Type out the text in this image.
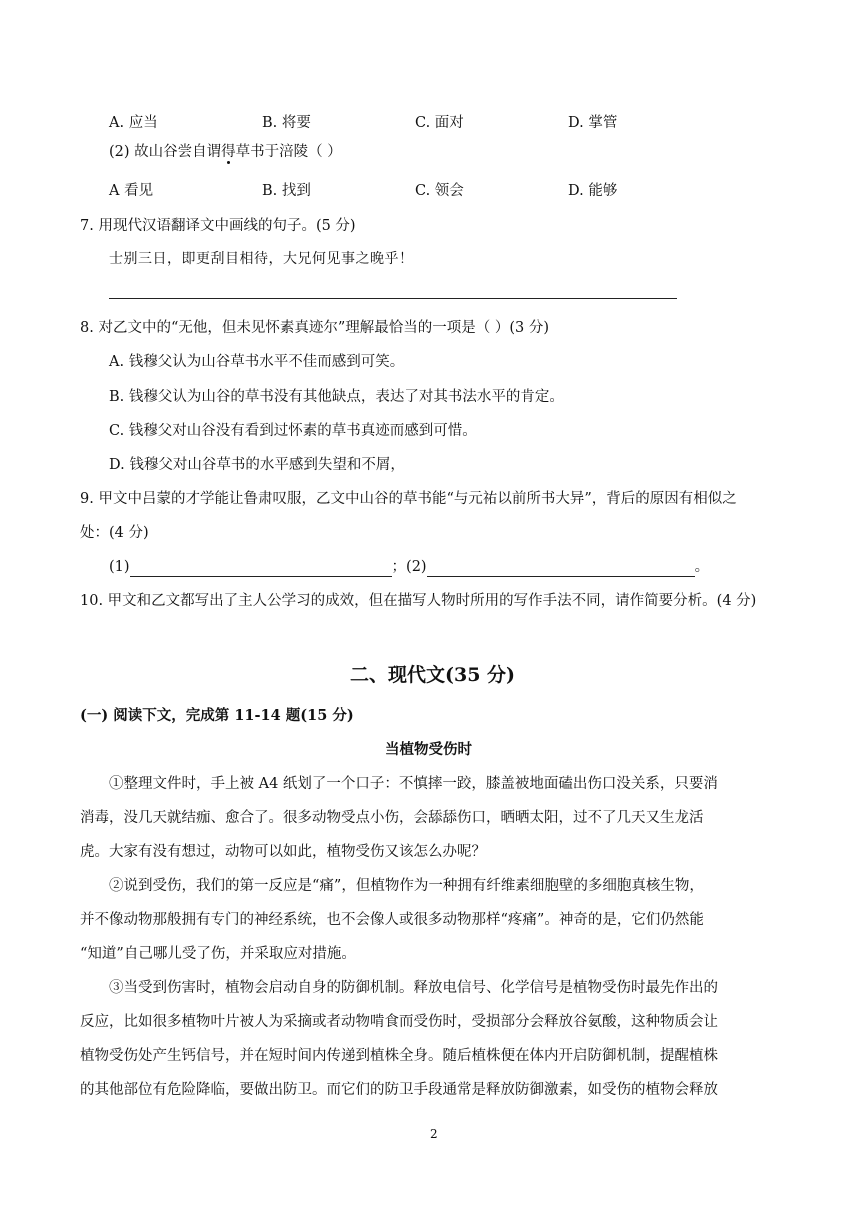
A. 应当	B. 将要	C. 面对	D. 掌管
(2) 故山谷尝自谓得草书于涪陵（ ）
A 看见	B. 找到	C. 领会	D. 能够
7. 用现代汉语翻译文中画线的句子。(5 分)
士别三日，即更刮目相待，大兄何见事之晚乎！
8. 对乙文中的“无他，但未见怀素真迹尔”理解最恰当的一项是（ ）(3 分)
A. 钱穆父认为山谷草书水平不佳而感到可笑。
B. 钱穆父认为山谷的草书没有其他缺点，表达了对其书法水平的肯定。
C. 钱穆父对山谷没有看到过怀素的草书真迹而感到可惜。
D. 钱穆父对山谷草书的水平感到失望和不屑，
9. 甲文中吕蒙的才学能让鲁肃叹服，乙文中山谷的草书能“与元祐以前所书大异”，背后的原因有相似之
处：(4 分)
(1)	；(2)	。
10. 甲文和乙文都写出了主人公学习的成效，但在描写人物时所用的写作手法不同，请作简要分析。(4 分)
二、现代文(35 分)
(一) 阅读下文，完成第 11-14 题(15 分)
当植物受伤时
①整理文件时，手上被 A4 纸划了一个口子：不慎摔一跤，膝盖被地面磕出伤口没关系，只要消
消毒，没几天就结痂、愈合了。很多动物受点小伤，会舔舔伤口，晒晒太阳，过不了几天又生龙活
虎。大家有没有想过，动物可以如此，植物受伤又该怎么办呢？
②说到受伤，我们的第一反应是“痛”，但植物作为一种拥有纤维素细胞壁的多细胞真核生物，
并不像动物那般拥有专门的神经系统，也不会像人或很多动物那样“疼痛”。神奇的是，它们仍然能
“知道”自己哪儿受了伤，并采取应对措施。
③当受到伤害时，植物会启动自身的防御机制。释放电信号、化学信号是植物受伤时最先作出的
反应，比如很多植物叶片被人为采摘或者动物啃食而受伤时，受损部分会释放谷氨酸，这种物质会让
植物受伤处产生钙信号，并在短时间内传递到植株全身。随后植株便在体内开启防御机制，提醒植株
的其他部位有危险降临，要做出防卫。而它们的防卫手段通常是释放防御激素，如受伤的植物会释放
2
